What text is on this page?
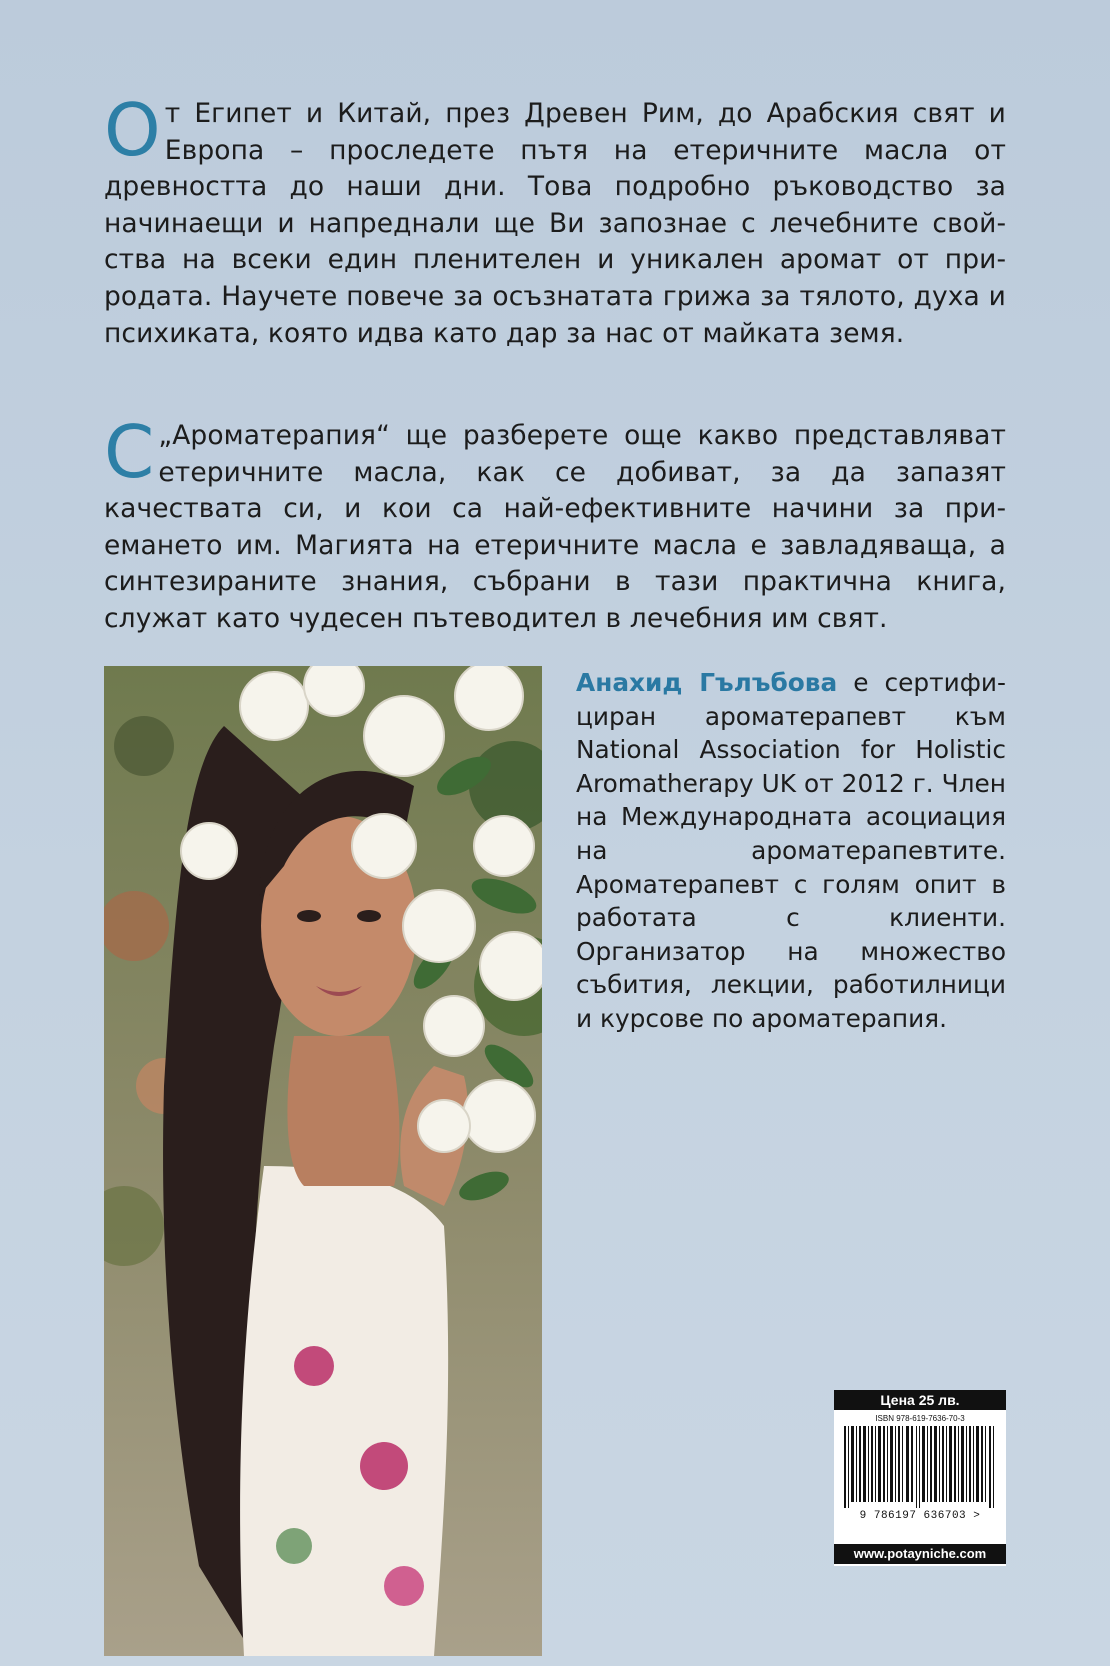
От Египет и Китай, през Древен Рим, до Арабския свят и Европа – проследете пътя на етеричните масла от древността до наши дни. Това подробно ръководство за начинаещи и напреднали ще Ви запознае с лечебните свойства на всеки един пленителен и уникален аромат от природата. Научете повече за осъзнатата грижа за тялото, духа и психиката, която идва като дар за нас от майката земя.
С „Ароматерапия“ ще разберете още какво представляват етеричните масла, как се добиват, за да запазят качествата си, и кои са най-ефективните начини за приемането им. Магията на етеричните масла е завладяваща, а синтезираните знания, събрани в тази практична книга, служат като чудесен пътеводител в лечебния им свят.
Анахид Гълъбова е сертифициран ароматерапевт към National Association for Holistic Aromatherapy UK от 2012 г. Член на Международната асоциация на ароматерапевтите. Ароматерапевт с голям опит в работата с клиенти. Организатор на множество събития, лекции, работилници и курсове по ароматерапия.
Цена 25 лв.
ISBN 978-619-7636-70-3
9 786197 636703 >
www.potayniche.com
